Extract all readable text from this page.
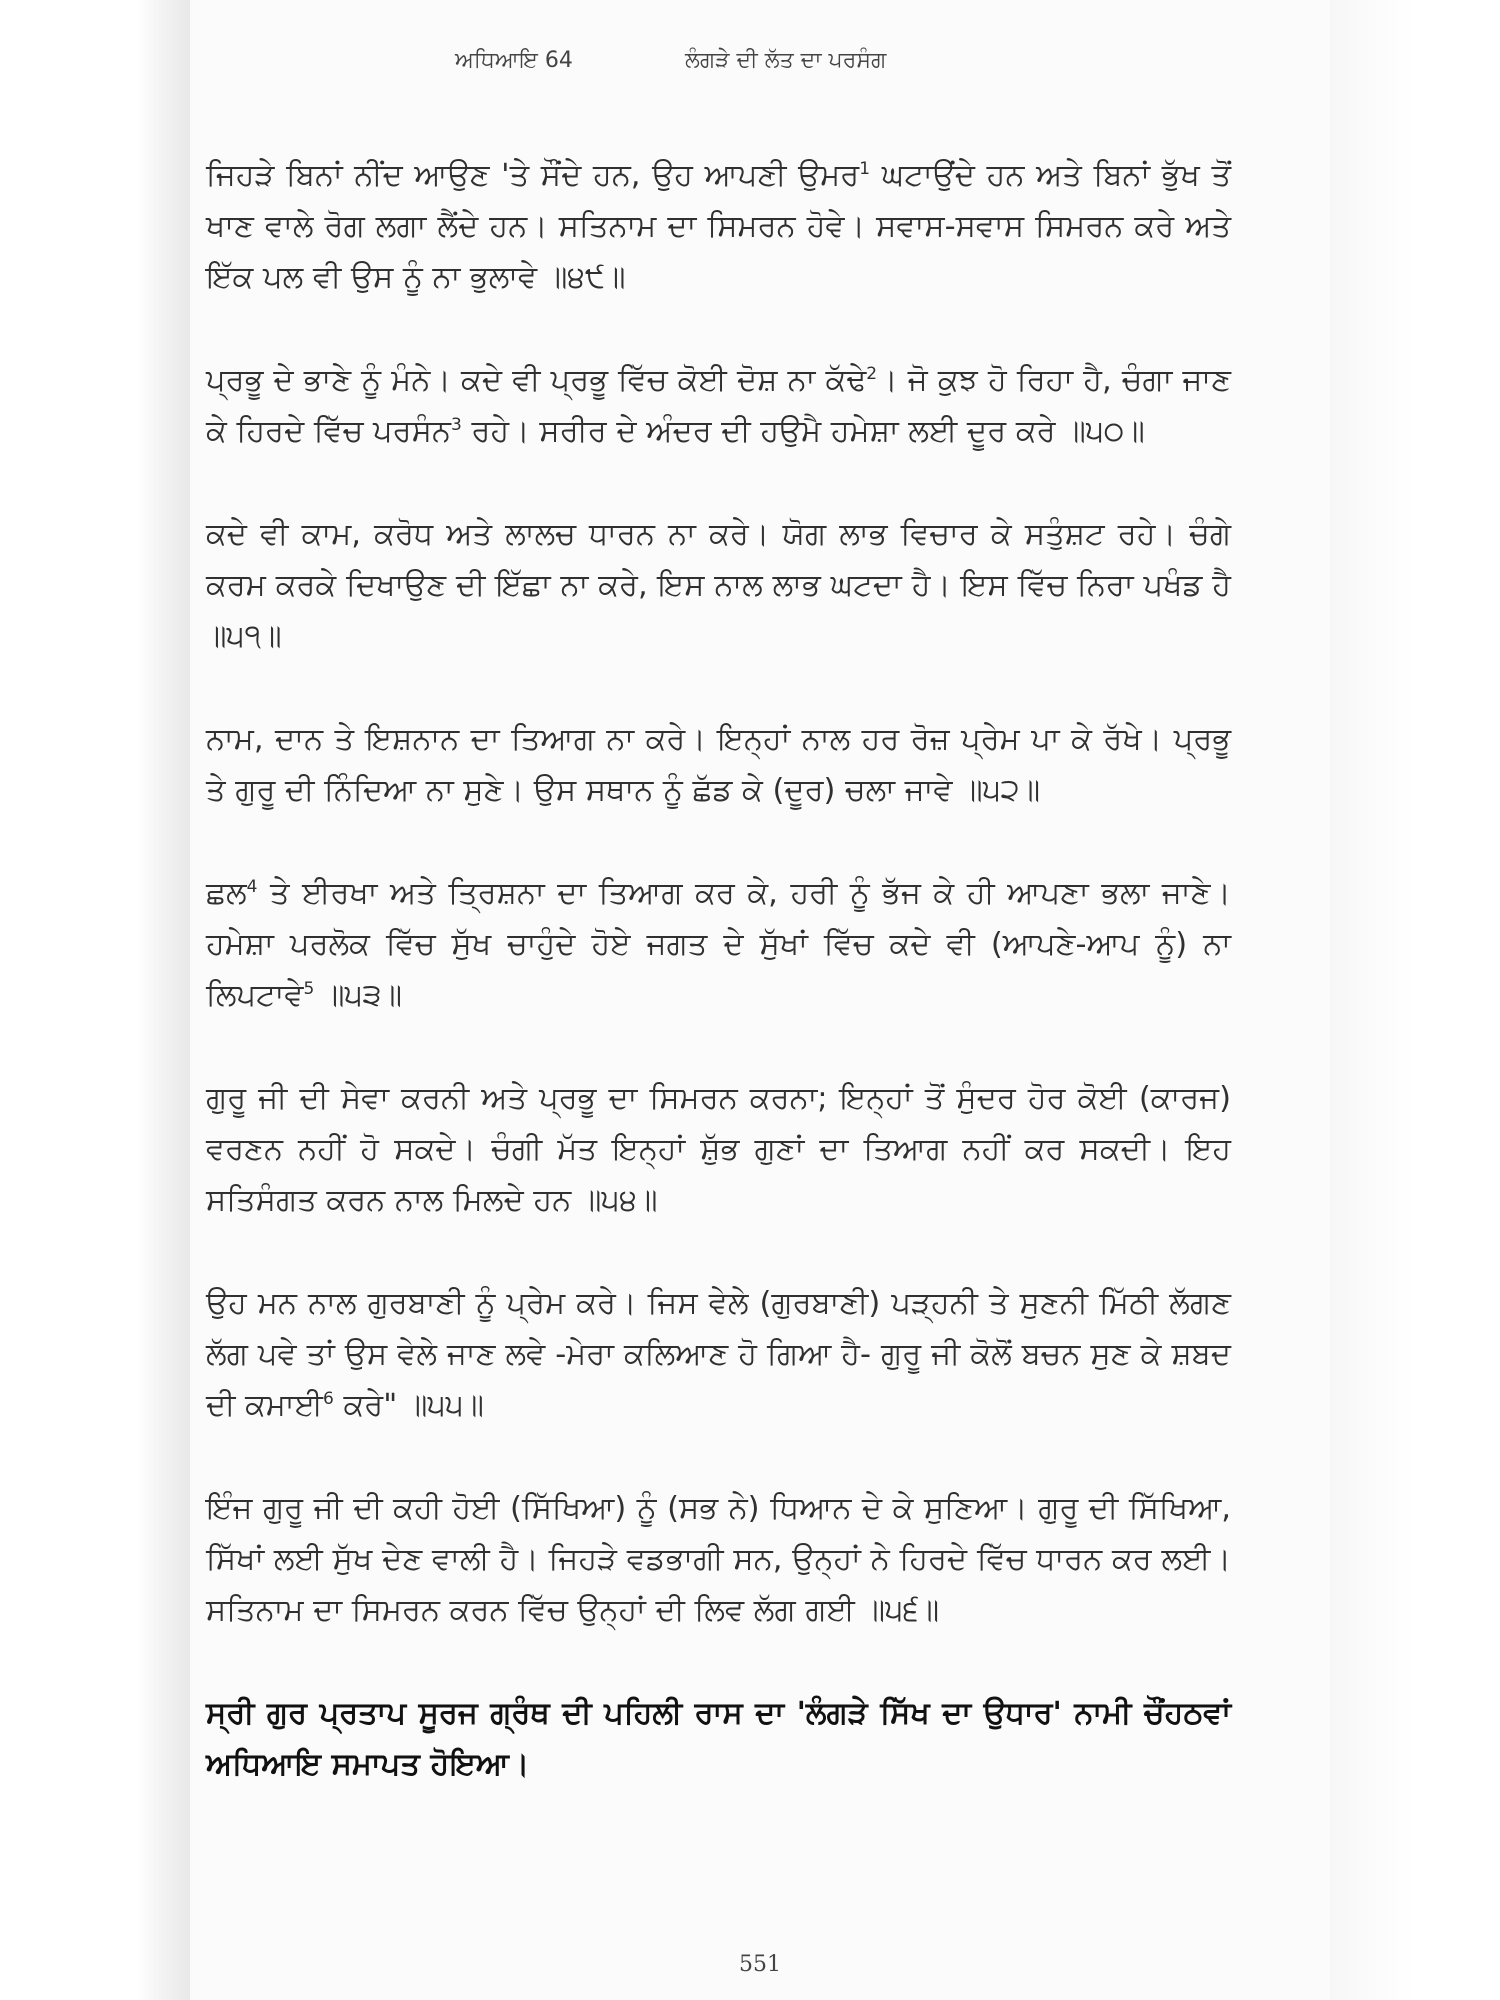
ਅਧਿਆਇ 64	ਲੰਗੜੇ ਦੀ ਲੱਤ ਦਾ ਪਰਸੰਗ

ਜਿਹੜੇ ਬਿਨਾਂ ਨੀਂਦ ਆਉਣ 'ਤੇ ਸੌਂਦੇ ਹਨ, ਉਹ ਆਪਣੀ ਉਮਰ$^1$ ਘਟਾਉਂਦੇ ਹਨ ਅਤੇ ਬਿਨਾਂ ਭੁੱਖ ਤੋਂ ਖਾਣ ਵਾਲੇ ਰੋਗ ਲਗਾ ਲੈਂਦੇ ਹਨ। ਸਤਿਨਾਮ ਦਾ ਸਿਮਰਨ ਹੋਵੇ। ਸਵਾਸ-ਸਵਾਸ ਸਿਮਰਨ ਕਰੇ ਅਤੇ ਇੱਕ ਪਲ ਵੀ ਉਸ ਨੂੰ ਨਾ ਭੁਲਾਵੇ ॥੪੯॥

ਪ੍ਰਭੂ ਦੇ ਭਾਣੇ ਨੂੰ ਮੰਨੇ। ਕਦੇ ਵੀ ਪ੍ਰਭੂ ਵਿੱਚ ਕੋਈ ਦੋਸ਼ ਨਾ ਕੱਢੇ$^2$। ਜੋ ਕੁਝ ਹੋ ਰਿਹਾ ਹੈ, ਚੰਗਾ ਜਾਣ ਕੇ ਹਿਰਦੇ ਵਿੱਚ ਪਰਸੰਨ$^3$ ਰਹੇ। ਸਰੀਰ ਦੇ ਅੰਦਰ ਦੀ ਹਉਮੈ ਹਮੇਸ਼ਾ ਲਈ ਦੂਰ ਕਰੇ ॥੫੦॥

ਕਦੇ ਵੀ ਕਾਮ, ਕਰੋਧ ਅਤੇ ਲਾਲਚ ਧਾਰਨ ਨਾ ਕਰੇ। ਯੋਗ ਲਾਭ ਵਿਚਾਰ ਕੇ ਸਤੁੰਸ਼ਟ ਰਹੇ। ਚੰਗੇ ਕਰਮ ਕਰਕੇ ਦਿਖਾਉਣ ਦੀ ਇੱਛਾ ਨਾ ਕਰੇ, ਇਸ ਨਾਲ ਲਾਭ ਘਟਦਾ ਹੈ। ਇਸ ਵਿੱਚ ਨਿਰਾ ਪਖੰਡ ਹੈ ॥੫੧॥

ਨਾਮ, ਦਾਨ ਤੇ ਇਸ਼ਨਾਨ ਦਾ ਤਿਆਗ ਨਾ ਕਰੇ। ਇਨ੍ਹਾਂ ਨਾਲ ਹਰ ਰੋਜ਼ ਪ੍ਰੇਮ ਪਾ ਕੇ ਰੱਖੇ। ਪ੍ਰਭੂ ਤੇ ਗੁਰੂ ਦੀ ਨਿੰਦਿਆ ਨਾ ਸੁਣੇ। ਉਸ ਸਥਾਨ ਨੂੰ ਛੱਡ ਕੇ (ਦੂਰ) ਚਲਾ ਜਾਵੇ ॥੫੨॥

ਛਲ$^4$ ਤੇ ਈਰਖਾ ਅਤੇ ਤ੍ਰਿਸ਼ਨਾ ਦਾ ਤਿਆਗ ਕਰ ਕੇ, ਹਰੀ ਨੂੰ ਭੱਜ ਕੇ ਹੀ ਆਪਣਾ ਭਲਾ ਜਾਣੇ। ਹਮੇਸ਼ਾ ਪਰਲੋਕ ਵਿੱਚ ਸੁੱਖ ਚਾਹੁੰਦੇ ਹੋਏ ਜਗਤ ਦੇ ਸੁੱਖਾਂ ਵਿੱਚ ਕਦੇ ਵੀ (ਆਪਣੇ-ਆਪ ਨੂੰ) ਨਾ ਲਿਪਟਾਵੇ$^5$ ॥੫੩॥

ਗੁਰੂ ਜੀ ਦੀ ਸੇਵਾ ਕਰਨੀ ਅਤੇ ਪ੍ਰਭੂ ਦਾ ਸਿਮਰਨ ਕਰਨਾ; ਇਨ੍ਹਾਂ ਤੋਂ ਸੁੰਦਰ ਹੋਰ ਕੋਈ (ਕਾਰਜ) ਵਰਣਨ ਨਹੀਂ ਹੋ ਸਕਦੇ। ਚੰਗੀ ਮੱਤ ਇਨ੍ਹਾਂ ਸ਼ੁੱਭ ਗੁਣਾਂ ਦਾ ਤਿਆਗ ਨਹੀਂ ਕਰ ਸਕਦੀ। ਇਹ ਸਤਿਸੰਗਤ ਕਰਨ ਨਾਲ ਮਿਲਦੇ ਹਨ ॥੫੪॥

ਉਹ ਮਨ ਨਾਲ ਗੁਰਬਾਣੀ ਨੂੰ ਪ੍ਰੇਮ ਕਰੇ। ਜਿਸ ਵੇਲੇ (ਗੁਰਬਾਣੀ) ਪੜ੍ਹਨੀ ਤੇ ਸੁਣਨੀ ਮਿੱਠੀ ਲੱਗਣ ਲੱਗ ਪਵੇ ਤਾਂ ਉਸ ਵੇਲੇ ਜਾਣ ਲਵੇ -ਮੇਰਾ ਕਲਿਆਣ ਹੋ ਗਿਆ ਹੈ- ਗੁਰੂ ਜੀ ਕੋਲੋਂ ਬਚਨ ਸੁਣ ਕੇ ਸ਼ਬਦ ਦੀ ਕਮਾਈ$^6$ ਕਰੇ" ॥੫੫॥

ਇੰਜ ਗੁਰੂ ਜੀ ਦੀ ਕਹੀ ਹੋਈ (ਸਿੱਖਿਆ) ਨੂੰ (ਸਭ ਨੇ) ਧਿਆਨ ਦੇ ਕੇ ਸੁਣਿਆ। ਗੁਰੂ ਦੀ ਸਿੱਖਿਆ, ਸਿੱਖਾਂ ਲਈ ਸੁੱਖ ਦੇਣ ਵਾਲੀ ਹੈ। ਜਿਹੜੇ ਵਡਭਾਗੀ ਸਨ, ਉਨ੍ਹਾਂ ਨੇ ਹਿਰਦੇ ਵਿੱਚ ਧਾਰਨ ਕਰ ਲਈ। ਸਤਿਨਾਮ ਦਾ ਸਿਮਰਨ ਕਰਨ ਵਿੱਚ ਉਨ੍ਹਾਂ ਦੀ ਲਿਵ ਲੱਗ ਗਈ ॥੫੬॥

ਸ੍ਰੀ ਗੁਰ ਪ੍ਰਤਾਪ ਸੂਰਜ ਗ੍ਰੰਥ ਦੀ ਪਹਿਲੀ ਰਾਸ ਦਾ 'ਲੰਗੜੇ ਸਿੱਖ ਦਾ ਉਧਾਰ' ਨਾਮੀ ਚੌਂਹਠਵਾਂ ਅਧਿਆਇ ਸਮਾਪਤ ਹੋਇਆ।

551
